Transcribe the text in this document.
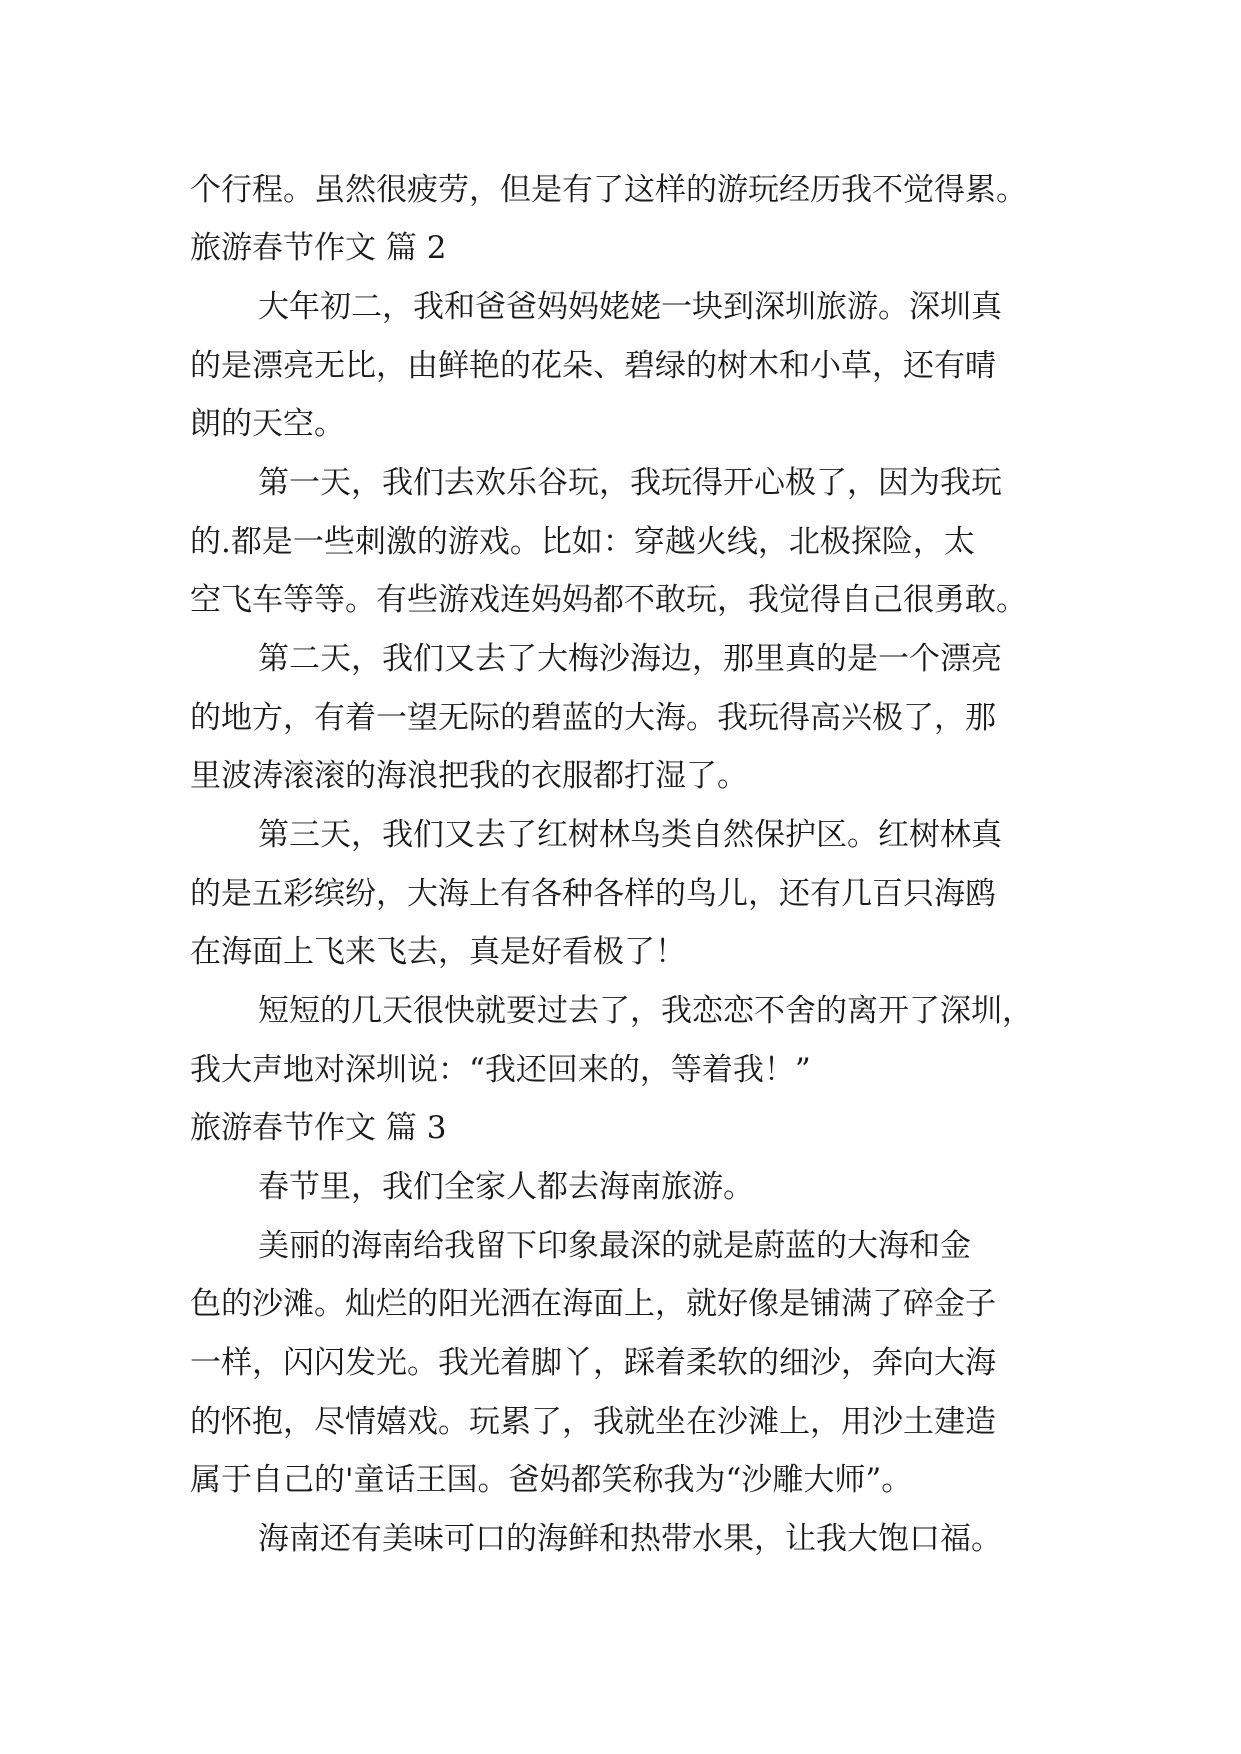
个行程。虽然很疲劳，但是有了这样的游玩经历我不觉得累。
旅游春节作文 篇 2
大年初二，我和爸爸妈妈姥姥一块到深圳旅游。深圳真
的是漂亮无比，由鲜艳的花朵、碧绿的树木和小草，还有晴
朗的天空。
第一天，我们去欢乐谷玩，我玩得开心极了，因为我玩
的.都是一些刺激的游戏。比如：穿越火线，北极探险，太
空飞车等等。有些游戏连妈妈都不敢玩，我觉得自己很勇敢。
第二天，我们又去了大梅沙海边，那里真的是一个漂亮
的地方，有着一望无际的碧蓝的大海。我玩得高兴极了，那
里波涛滚滚的海浪把我的衣服都打湿了。
第三天，我们又去了红树林鸟类自然保护区。红树林真
的是五彩缤纷，大海上有各种各样的鸟儿，还有几百只海鸥
在海面上飞来飞去，真是好看极了！
短短的几天很快就要过去了，我恋恋不舍的离开了深圳，
我大声地对深圳说：“我还回来的，等着我！”
旅游春节作文 篇 3
春节里，我们全家人都去海南旅游。
美丽的海南给我留下印象最深的就是蔚蓝的大海和金
色的沙滩。灿烂的阳光洒在海面上，就好像是铺满了碎金子
一样，闪闪发光。我光着脚丫，踩着柔软的细沙，奔向大海
的怀抱，尽情嬉戏。玩累了，我就坐在沙滩上，用沙土建造
属于自己的'童话王国。爸妈都笑称我为“沙雕大师”。
海南还有美味可口的海鲜和热带水果，让我大饱口福。
